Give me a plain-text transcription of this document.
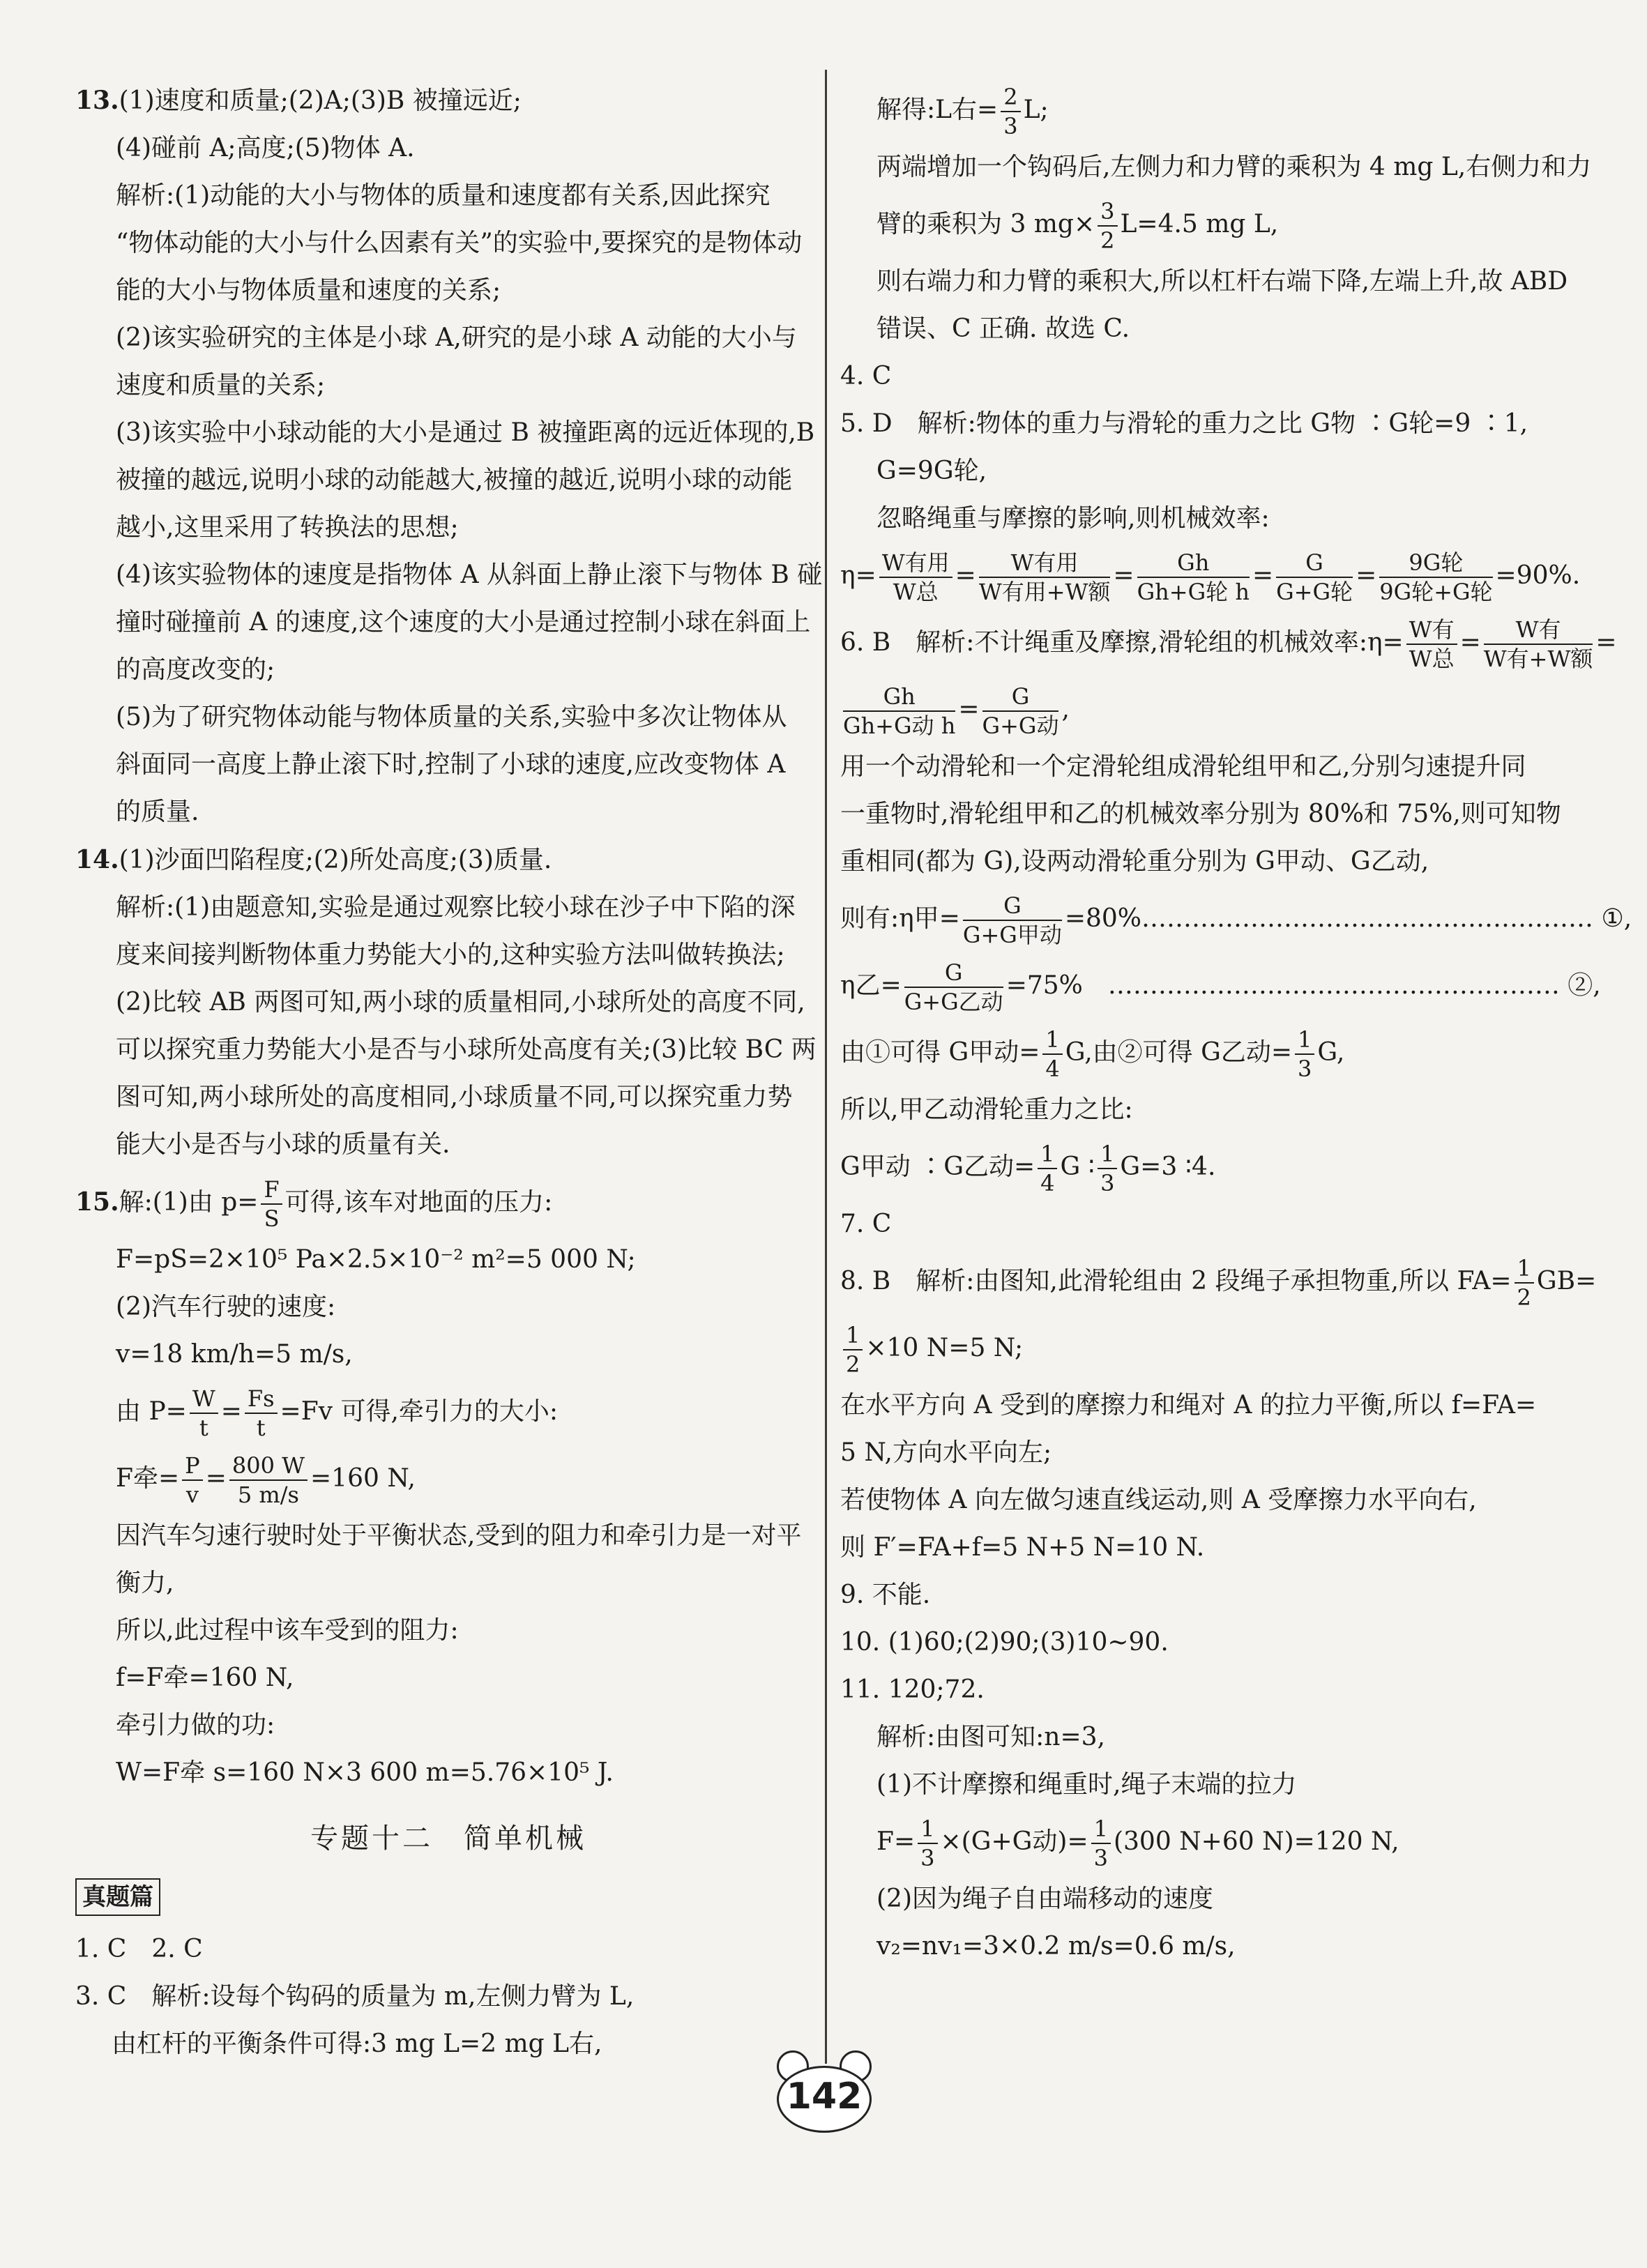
13.(1)速度和质量;(2)A;(3)B 被撞远近;
(4)碰前 A;高度;(5)物体 A.
解析:(1)动能的大小与物体的质量和速度都有关系,因此探究
“物体动能的大小与什么因素有关”的实验中,要探究的是物体动
能的大小与物体质量和速度的关系;
(2)该实验研究的主体是小球 A,研究的是小球 A 动能的大小与
速度和质量的关系;
(3)该实验中小球动能的大小是通过 B 被撞距离的远近体现的,B
被撞的越远,说明小球的动能越大,被撞的越近,说明小球的动能
越小,这里采用了转换法的思想;
(4)该实验物体的速度是指物体 A 从斜面上静止滚下与物体 B 碰
撞时碰撞前 A 的速度,这个速度的大小是通过控制小球在斜面上
的高度改变的;
(5)为了研究物体动能与物体质量的关系,实验中多次让物体从
斜面同一高度上静止滚下时,控制了小球的速度,应改变物体 A
的质量.
14.(1)沙面凹陷程度;(2)所处高度;(3)质量.
解析:(1)由题意知,实验是通过观察比较小球在沙子中下陷的深
度来间接判断物体重力势能大小的,这种实验方法叫做转换法;
(2)比较 AB 两图可知,两小球的质量相同,小球所处的高度不同,
可以探究重力势能大小是否与小球所处高度有关;(3)比较 BC 两
图可知,两小球所处的高度相同,小球质量不同,可以探究重力势
能大小是否与小球的质量有关.
15.解:(1)由 $p= \frac{F}{S}$ 可得,该车对地面的压力:
F=pS=2×10⁵ Pa×2.5×10⁻² m²=5 000 N;
(2)汽车行驶的速度:
v=18 km/h=5 m/s,
由 $P= \frac{W}{t} = \frac{Fs}{t} =Fv$ 可得,牵引力的大小:
F牵= $\frac{P}{v} = \frac{800 W}{5 m/s} =160$ N,
因汽车匀速行驶时处于平衡状态,受到的阻力和牵引力是一对平
衡力,
所以,此过程中该车受到的阻力:
f=F牵=160 N,
牵引力做的功:
W=F牵 s=160 N×3 600 m=5.76×10⁵ J.
专题十二　简单机械
真题篇
1. C　2. C
3. C　解析:设每个钩码的质量为 m,左侧力臂为 L,
由杠杆的平衡条件可得:3 mg L=2 mg L右,
解得:L右= $\frac{2}{3} L$;
两端增加一个钩码后,左侧力和力臂的乘积为 4 mg L,右侧力和力
臂的乘积为 3 $mg\times \frac{3}{2} L=4.5$ mg L,
则右端力和力臂的乘积大,所以杠杆右端下降,左端上升,故 ABD
错误、C 正确. 故选 C.
4. C
5. D　解析:物体的重力与滑轮的重力之比 G物 ∶G轮=9 ∶1,
G=9G轮,
忽略绳重与摩擦的影响,则机械效率:
$\eta= \frac{\text{W有用}}{\text{W总}} = \frac{\text{W有用}}{\text{W有用+W额}} = \frac{Gh}{\text{Gh+G轮 h}} = \frac{G}{\text{G+G轮}} = \frac{\text{9G轮}}{\text{9G轮+G轮}} =90\%$.
6. B　解析:不计绳重及摩擦,滑轮组的机械效率:η= $\frac{\text{W有}}{\text{W总}} = \frac{\text{W有}}{\text{W有+W额}}$ =
$\frac{Gh}{\text{Gh+G动 h}} = \frac{G}{\text{G+G动}}$ ,
用一个动滑轮和一个定滑轮组成滑轮组甲和乙,分别匀速提升同
一重物时,滑轮组甲和乙的机械效率分别为 80%和 75%,则可知物
重相同(都为 G),设两动滑轮重分别为 G甲动、G乙动,
则有:η甲= $\frac{G}{\text{G+G甲动}}$ =80%……………………………………………… ①,
η乙= $\frac{G}{\text{G+G乙动}} =75\%$　……………………………………………… ②,
由①可得 G甲动= $\frac{1}{4} G$,由②可得 G乙动= $\frac{1}{3} G$,
所以,甲乙动滑轮重力之比:
G甲动 ∶G乙动= $\frac{1}{4}$ G ∶ $\frac{1}{3} G=3$ ∶4.
7. C
8. B　解析:由图知,此滑轮组由 2 段绳子承担物重,所以 $FA= \frac{1}{2} GB=$
$\frac{1}{2} \times 10$ N=5 N;
在水平方向 A 受到的摩擦力和绳对 A 的拉力平衡,所以 f=FA=
5 N,方向水平向左;
若使物体 A 向左做匀速直线运动,则 A 受摩擦力水平向右,
则 F′=FA+f=5 N+5 N=10 N.
9. 不能.
10. (1)60;(2)90;(3)10~90.
11. 120;72.
解析:由图可知:n=3,
(1)不计摩擦和绳重时,绳子末端的拉力
$F= \frac{1}{3} \times(G+G$动)= $\frac{1}{3} (300$ N+60 N)=120 N,
(2)因为绳子自由端移动的速度
v₂=nv₁=3×0.2 m/s=0.6 m/s,
142
